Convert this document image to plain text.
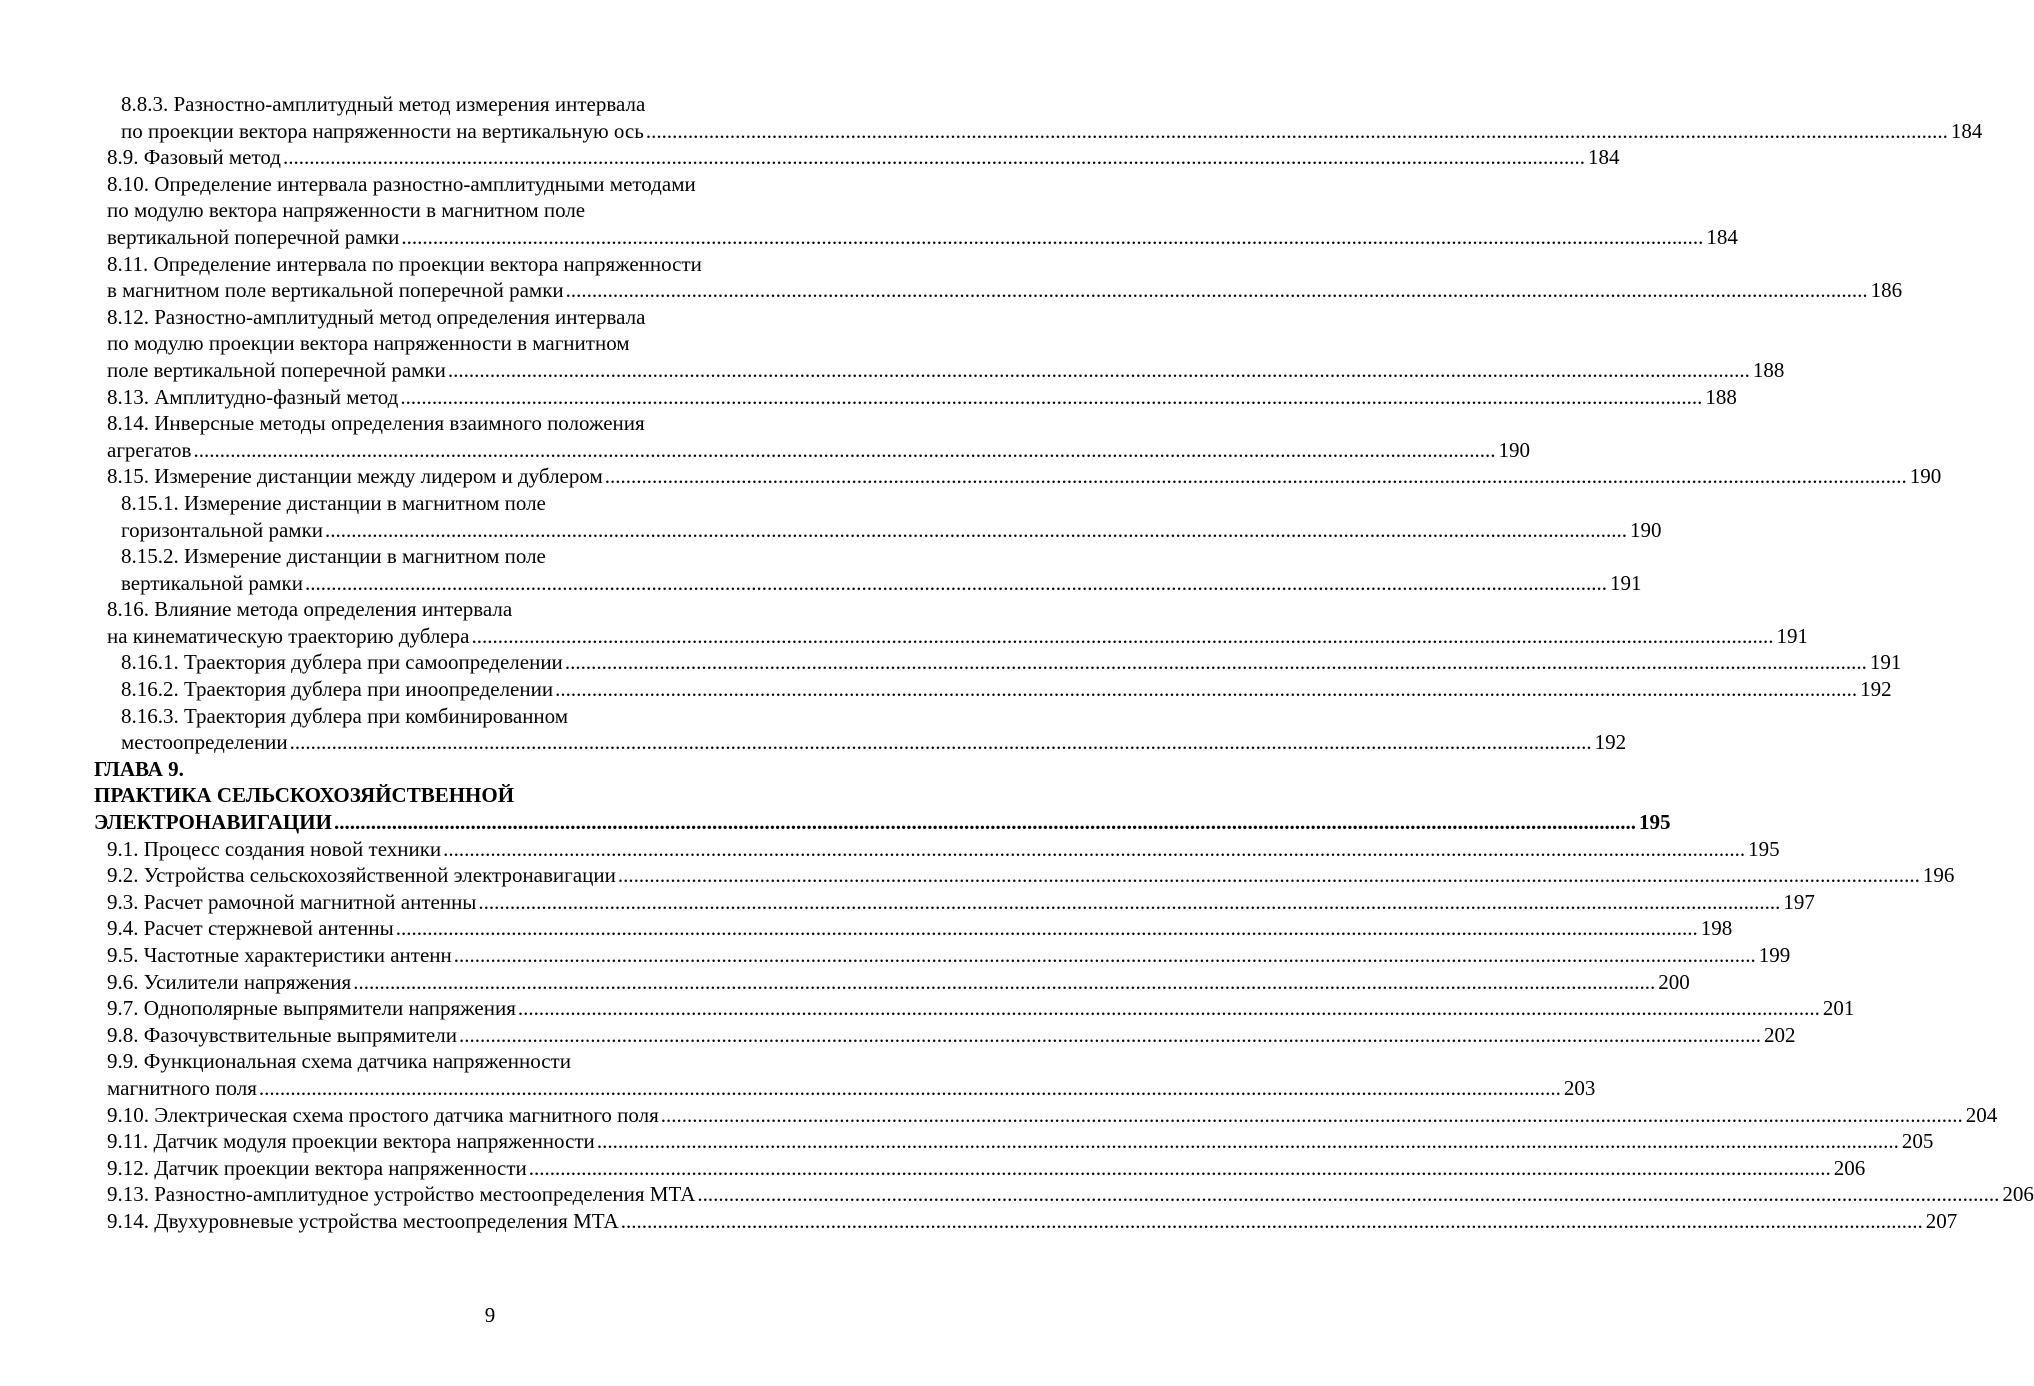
8.8.3. Разностно-амплитудный метод измерения интервала
по проекции вектора напряженности на вертикальную ось .....	184
8.9. Фазовый метод .....	184
8.10. Определение интервала разностно-амплитудными методами
по модулю вектора напряженности в магнитном поле
вертикальной поперечной рамки .....	184
8.11. Определение интервала по проекции вектора напряженности
в магнитном поле вертикальной поперечной рамки .....	186
8.12. Разностно-амплитудный метод определения интервала
по модулю проекции вектора напряженности в магнитном
поле вертикальной поперечной рамки .....	188
8.13. Амплитудно-фазный метод .....	188
8.14. Инверсные методы определения взаимного положения
агрегатов .....	190
8.15. Измерение дистанции между лидером и дублером .....	190
8.15.1. Измерение дистанции в магнитном поле
горизонтальной рамки .....	190
8.15.2. Измерение дистанции в магнитном поле
вертикальной рамки .....	191
8.16. Влияние метода определения интервала
на кинематическую траекторию дублера .....	191
8.16.1. Траектория дублера при самоопределении .....	191
8.16.2. Траектория дублера при иноопределении .....	192
8.16.3. Траектория дублера при комбинированном
местоопределении .....	192
ГЛАВА 9.
ПРАКТИКА СЕЛЬСКОХОЗЯЙСТВЕННОЙ
ЭЛЕКТРОНАВИГАЦИИ .....	195
9.1. Процесс создания новой техники .....	195
9.2. Устройства сельскохозяйственной электронавигации .....	196
9.3. Расчет рамочной магнитной антенны .....	197
9.4. Расчет стержневой антенны .....	198
9.5. Частотные характеристики антенн .....	199
9.6. Усилители напряжения .....	200
9.7. Однополярные выпрямители напряжения .....	201
9.8. Фазочувствительные выпрямители .....	202
9.9. Функциональная схема датчика напряженности
магнитного поля .....	203
9.10. Электрическая схема простого датчика магнитного поля .....	204
9.11. Датчик модуля проекции вектора напряженности .....	205
9.12. Датчик проекции вектора напряженности .....	206
9.13. Разностно-амплитудное устройство местоопределения МТА .....	206
9.14. Двухуровневые устройства местоопределения МТА .....	207
9
